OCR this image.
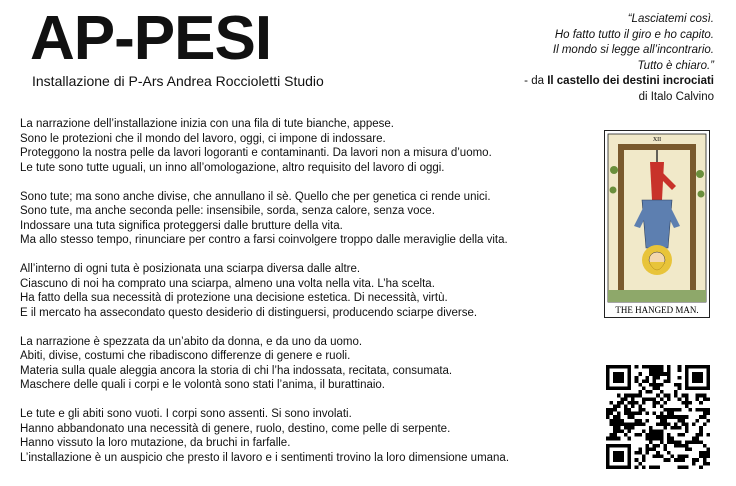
AP-PESI

Installazione di P-Ars Andrea Roccioletti Studio

“Lasciatemi così.
Ho fatto tutto il giro e ho capito.
Il mondo si legge all’incontrario.
Tutto è chiaro.”
- da Il castello dei destini incrociati
di Italo Calvino

La narrazione dell’installazione inizia con una fila di tute bianche, appese.
Sono le protezioni che il mondo del lavoro, oggi, ci impone di indossare.
Proteggono la nostra pelle da lavori logoranti e contaminanti. Da lavori non a misura d’uomo.
Le tute sono tutte uguali, un inno all’omologazione, altro requisito del lavoro di oggi.

Sono tute; ma sono anche divise, che annullano il sè. Quello che per genetica ci rende unici.
Sono tute, ma anche seconda pelle: insensibile, sorda, senza calore, senza voce.
Indossare una tuta significa proteggersi dalle brutture della vita.
Ma allo stesso tempo, rinunciare per contro a farsi coinvolgere troppo dalle meraviglie della vita.

All’interno di ogni tuta è posizionata una sciarpa diversa dalle altre.
Ciascuno di noi ha comprato una sciarpa, almeno una volta nella vita. L’ha scelta.
Ha fatto della sua necessità di protezione una decisione estetica. Di necessità, virtù.
E il mercato ha assecondato questo desiderio di distinguersi, producendo sciarpe diverse.

La narrazione è spezzata da un’abito da donna, e da uno da uomo.
Abiti, divise, costumi che ribadiscono differenze di genere e ruoli.
Materia sulla quale aleggia ancora la storia di chi l’ha indossata, recitata, consumata.
Maschere delle quali i corpi e le volontà sono stati l’anima, il burattinaio.

Le tute e gli abiti sono vuoti. I corpi sono assenti. Si sono involati.
Hanno abbandonato una necessità di genere, ruolo, destino, come pelle di serpente.
Hanno vissuto la loro mutazione, da bruchi in farfalle.
L’installazione è un auspicio che presto il lavoro e i sentimenti trovino la loro dimensione umana.

XII
THE HANGED MAN.
